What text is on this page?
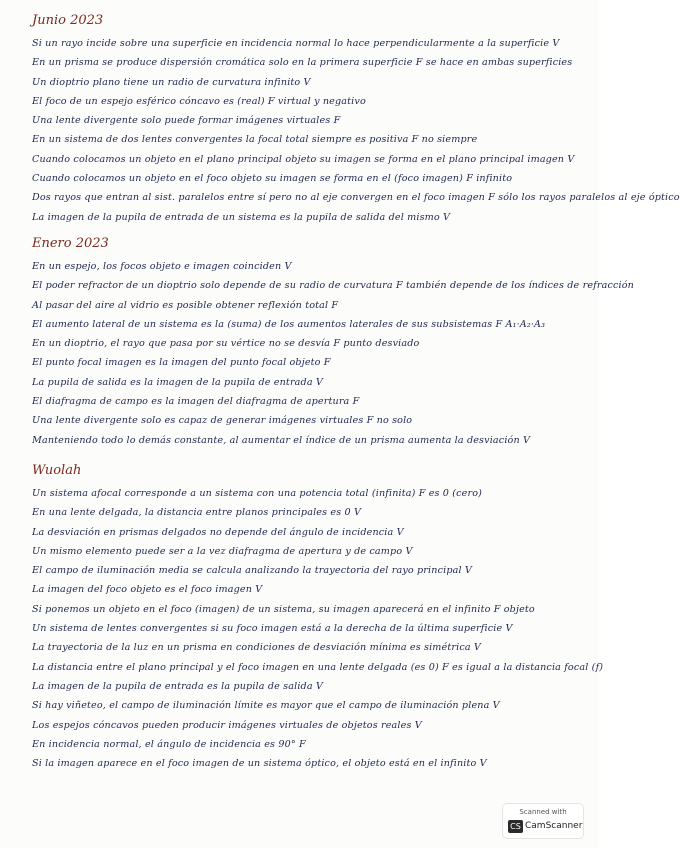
Junio 2023
Si un rayo incide sobre una superficie en incidencia normal lo hace perpendicularmente a la superficie V
En un prisma se produce dispersión cromática solo en la primera superficie F se hace en ambas superficies
Un dioptrio plano tiene un radio de curvatura infinito V
El foco de un espejo esférico cóncavo es (real) F virtual y negativo
Una lente divergente solo puede formar imágenes virtuales F
En un sistema de dos lentes convergentes la focal total siempre es positiva F no siempre
Cuando colocamos un objeto en el plano principal objeto su imagen se forma en el plano principal imagen V
Cuando colocamos un objeto en el foco objeto su imagen se forma en el (foco imagen) F infinito
Dos rayos que entran al sist. paralelos entre sí pero no al eje convergen en el foco imagen F sólo los rayos paralelos al eje óptico
La imagen de la pupila de entrada de un sistema es la pupila de salida del mismo V
Enero 2023
En un espejo, los focos objeto e imagen coinciden V
El poder refractor de un dioptrio solo depende de su radio de curvatura F también depende de los índices de refracción
Al pasar del aire al vidrio es posible obtener reflexión total F
El aumento lateral de un sistema es la (suma) de los aumentos laterales de sus subsistemas F A₁·A₂·A₃
En un dioptrio, el rayo que pasa por su vértice no se desvía F punto desviado
El punto focal imagen es la imagen del punto focal objeto F
La pupila de salida es la imagen de la pupila de entrada V
El diafragma de campo es la imagen del diafragma de apertura F
Una lente divergente solo es capaz de generar imágenes virtuales F no solo
Manteniendo todo lo demás constante, al aumentar el índice de un prisma aumenta la desviación V
Wuolah
Un sistema afocal corresponde a un sistema con una potencia total (infinita) F es 0 (cero)
En una lente delgada, la distancia entre planos principales es 0 V
La desviación en prismas delgados no depende del ángulo de incidencia V
Un mismo elemento puede ser a la vez diafragma de apertura y de campo V
El campo de iluminación media se calcula analizando la trayectoria del rayo principal V
La imagen del foco objeto es el foco imagen V
Si ponemos un objeto en el foco (imagen) de un sistema, su imagen aparecerá en el infinito F objeto
Un sistema de lentes convergentes si su foco imagen está a la derecha de la última superficie V
La trayectoria de la luz en un prisma en condiciones de desviación mínima es simétrica V
La distancia entre el plano principal y el foco imagen en una lente delgada (es 0) F es igual a la distancia focal (f)
La imagen de la pupila de entrada es la pupila de salida V
Si hay viñeteo, el campo de iluminación límite es mayor que el campo de iluminación plena V
Los espejos cóncavos pueden producir imágenes virtuales de objetos reales V
En incidencia normal, el ángulo de incidencia es 90° F
Si la imagen aparece en el foco imagen de un sistema óptico, el objeto está en el infinito V
Scanned with
CS CamScanner
